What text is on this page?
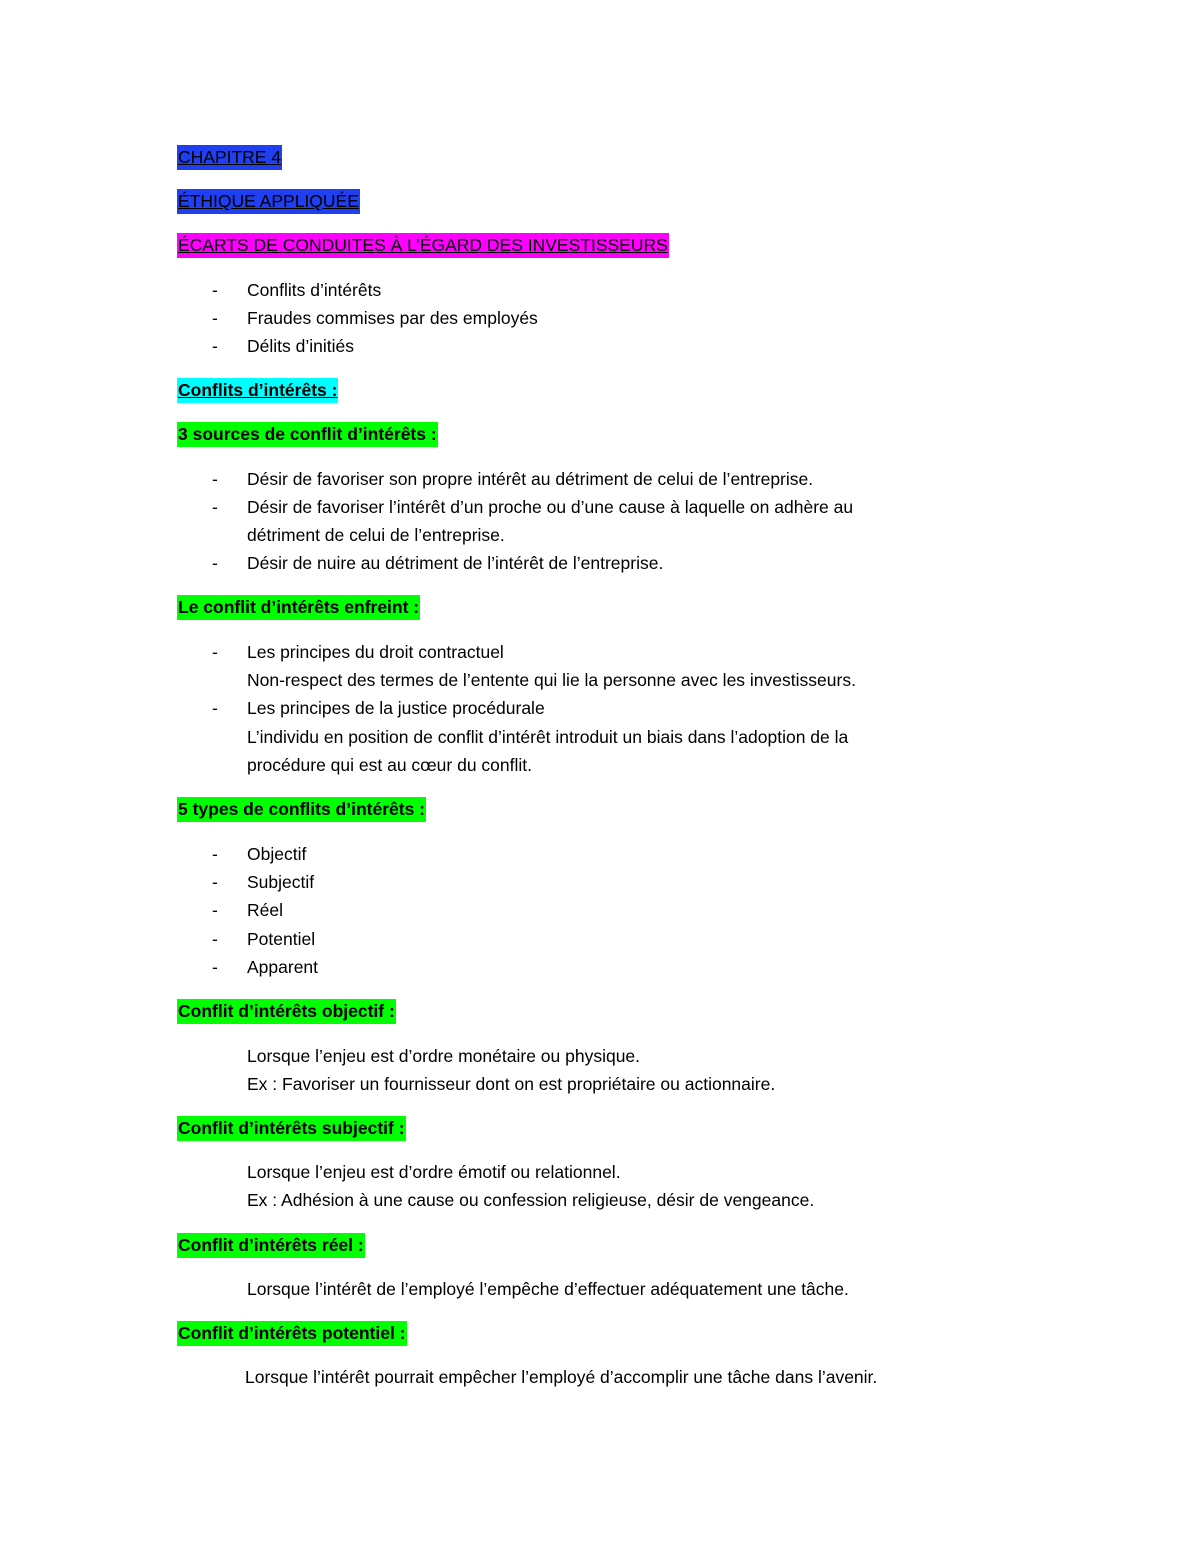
CHAPITRE 4
ÉTHIQUE APPLIQUÉE
ÉCARTS DE CONDUITES À L’ÉGARD DES INVESTISSEURS
- Conflits d’intérêts
- Fraudes commises par des employés
- Délits d’initiés
Conflits d’intérêts :
3 sources de conflit d’intérêts :
- Désir de favoriser son propre intérêt au détriment de celui de l’entreprise.
- Désir de favoriser l’intérêt d’un proche ou d’une cause à laquelle on adhère au
détriment de celui de l’entreprise.
- Désir de nuire au détriment de l’intérêt de l’entreprise.
Le conflit d’intérêts enfreint :
- Les principes du droit contractuel
Non-respect des termes de l’entente qui lie la personne avec les investisseurs.
- Les principes de la justice procédurale
L’individu en position de conflit d’intérêt introduit un biais dans l’adoption de la
procédure qui est au cœur du conflit.
5 types de conflits d’intérêts :
- Objectif
- Subjectif
- Réel
- Potentiel
- Apparent
Conflit d’intérêts objectif :
Lorsque l’enjeu est d’ordre monétaire ou physique.
Ex : Favoriser un fournisseur dont on est propriétaire ou actionnaire.
Conflit d’intérêts subjectif :
Lorsque l’enjeu est d’ordre émotif ou relationnel.
Ex : Adhésion à une cause ou confession religieuse, désir de vengeance.
Conflit d’intérêts réel :
Lorsque l’intérêt de l’employé l’empêche d’effectuer adéquatement une tâche.
Conflit d’intérêts potentiel :
Lorsque l’intérêt pourrait empêcher l’employé d’accomplir une tâche dans l’avenir.
